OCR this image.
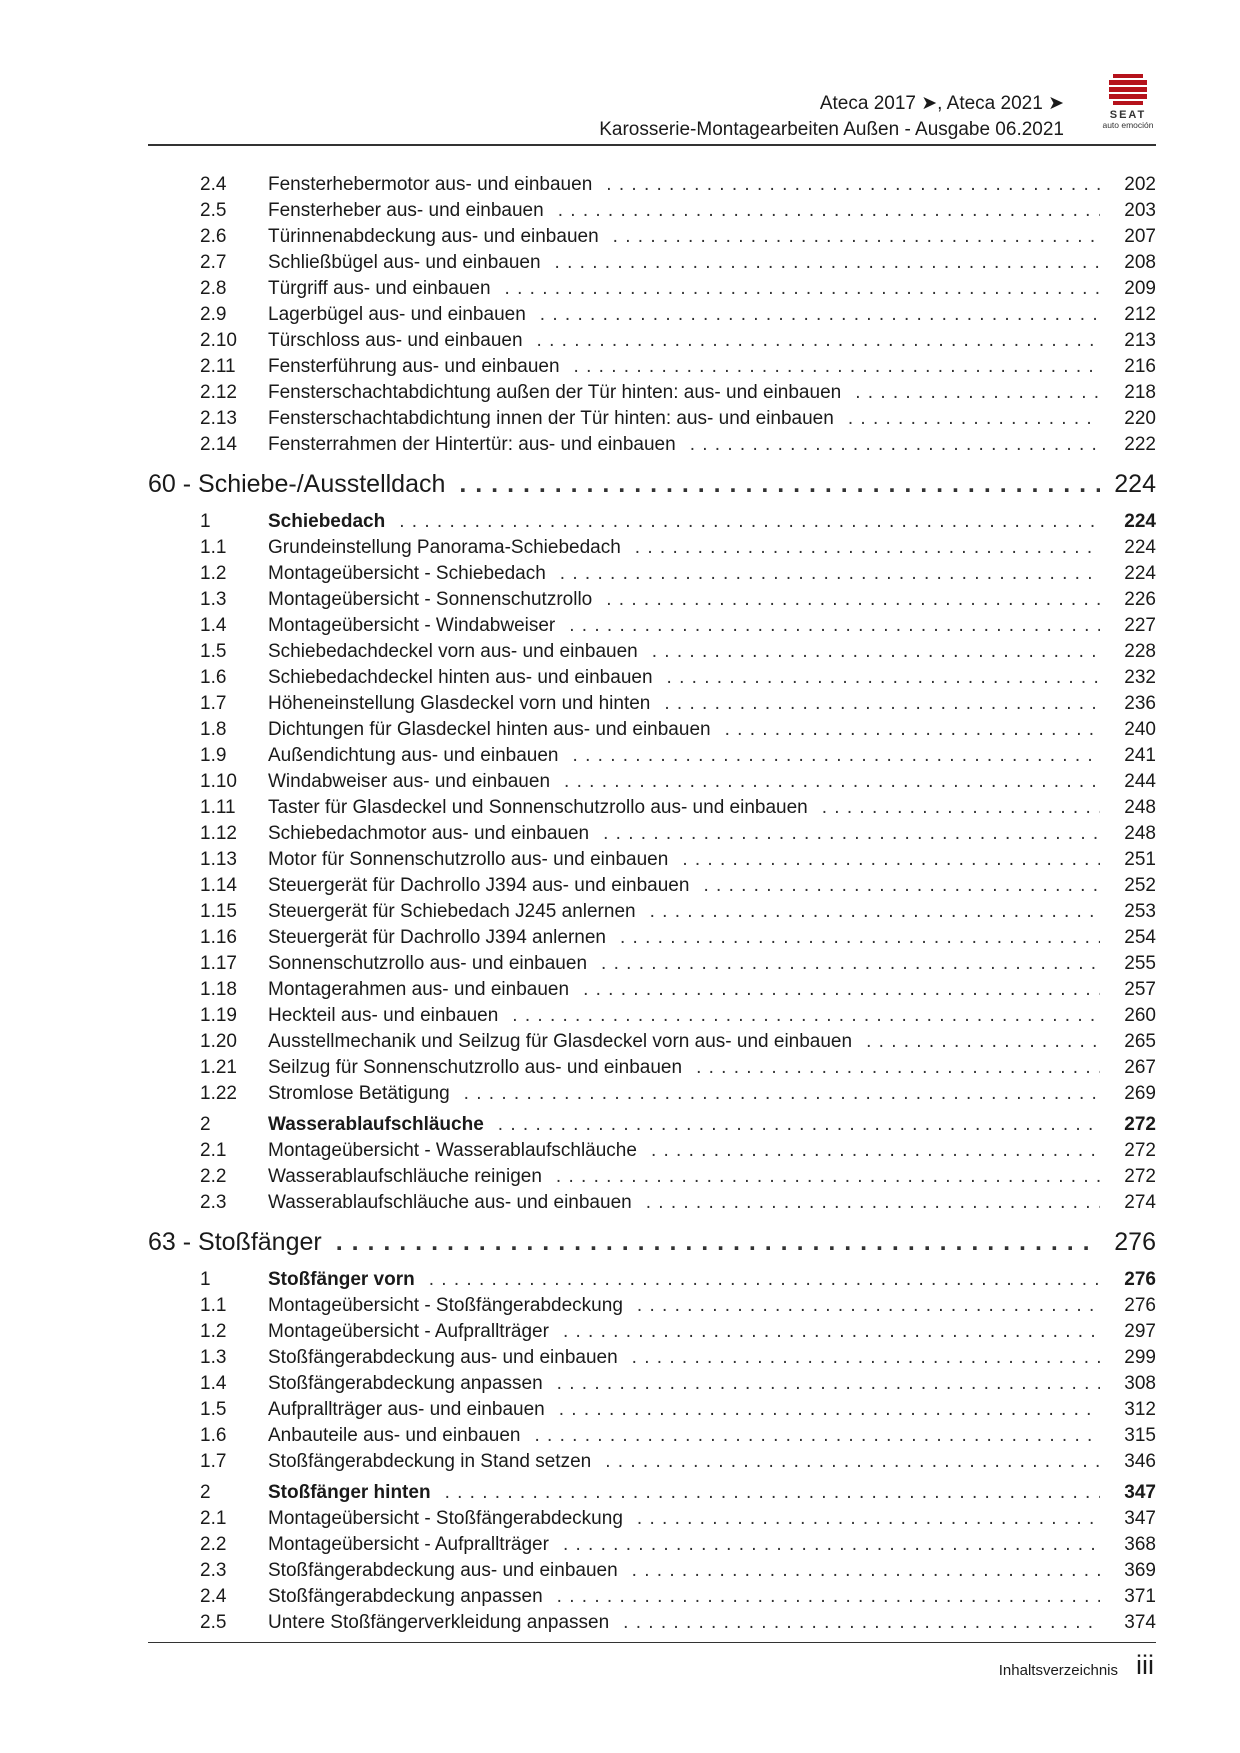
Ateca 2017 ➤, Ateca 2021 ➤
Karosserie-Montagearbeiten Außen - Ausgabe 06.2021
SEAT
auto emoción
2.4	Fensterhebermotor aus- und einbauen . . .	202
2.5	Fensterheber aus- und einbauen . . .	203
2.6	Türinnenabdeckung aus- und einbauen . . .	207
2.7	Schließbügel aus- und einbauen . . .	208
2.8	Türgriff aus- und einbauen . . .	209
2.9	Lagerbügel aus- und einbauen . . .	212
2.10	Türschloss aus- und einbauen . . .	213
2.11	Fensterführung aus- und einbauen . . .	216
2.12	Fensterschachtabdichtung außen der Tür hinten: aus- und einbauen . . .	218
2.13	Fensterschachtabdichtung innen der Tür hinten: aus- und einbauen . . .	220
2.14	Fensterrahmen der Hintertür: aus- und einbauen . . .	222
60 - Schiebe-/Ausstelldach . . .	224
1	Schiebedach . . .	224
1.1	Grundeinstellung Panorama-Schiebedach . . .	224
1.2	Montageübersicht - Schiebedach . . .	224
1.3	Montageübersicht - Sonnenschutzrollo . . .	226
1.4	Montageübersicht - Windabweiser . . .	227
1.5	Schiebedachdeckel vorn aus- und einbauen . . .	228
1.6	Schiebedachdeckel hinten aus- und einbauen . . .	232
1.7	Höheneinstellung Glasdeckel vorn und hinten . . .	236
1.8	Dichtungen für Glasdeckel hinten aus- und einbauen . . .	240
1.9	Außendichtung aus- und einbauen . . .	241
1.10	Windabweiser aus- und einbauen . . .	244
1.11	Taster für Glasdeckel und Sonnenschutzrollo aus- und einbauen . . .	248
1.12	Schiebedachmotor aus- und einbauen . . .	248
1.13	Motor für Sonnenschutzrollo aus- und einbauen . . .	251
1.14	Steuergerät für Dachrollo J394 aus- und einbauen . . .	252
1.15	Steuergerät für Schiebedach J245 anlernen . . .	253
1.16	Steuergerät für Dachrollo J394 anlernen . . .	254
1.17	Sonnenschutzrollo aus- und einbauen . . .	255
1.18	Montagerahmen aus- und einbauen . . .	257
1.19	Heckteil aus- und einbauen . . .	260
1.20	Ausstellmechanik und Seilzug für Glasdeckel vorn aus- und einbauen . . .	265
1.21	Seilzug für Sonnenschutzrollo aus- und einbauen . . .	267
1.22	Stromlose Betätigung . . .	269
2	Wasserablaufschläuche . . .	272
2.1	Montageübersicht - Wasserablaufschläuche . . .	272
2.2	Wasserablaufschläuche reinigen . . .	272
2.3	Wasserablaufschläuche aus- und einbauen . . .	274
63 - Stoßfänger . . .	276
1	Stoßfänger vorn . . .	276
1.1	Montageübersicht - Stoßfängerabdeckung . . .	276
1.2	Montageübersicht - Aufprallträger . . .	297
1.3	Stoßfängerabdeckung aus- und einbauen . . .	299
1.4	Stoßfängerabdeckung anpassen . . .	308
1.5	Aufprallträger aus- und einbauen . . .	312
1.6	Anbauteile aus- und einbauen . . .	315
1.7	Stoßfängerabdeckung in Stand setzen . . .	346
2	Stoßfänger hinten . . .	347
2.1	Montageübersicht - Stoßfängerabdeckung . . .	347
2.2	Montageübersicht - Aufprallträger . . .	368
2.3	Stoßfängerabdeckung aus- und einbauen . . .	369
2.4	Stoßfängerabdeckung anpassen . . .	371
2.5	Untere Stoßfängerverkleidung anpassen . . .	374
Inhaltsverzeichnis iii
